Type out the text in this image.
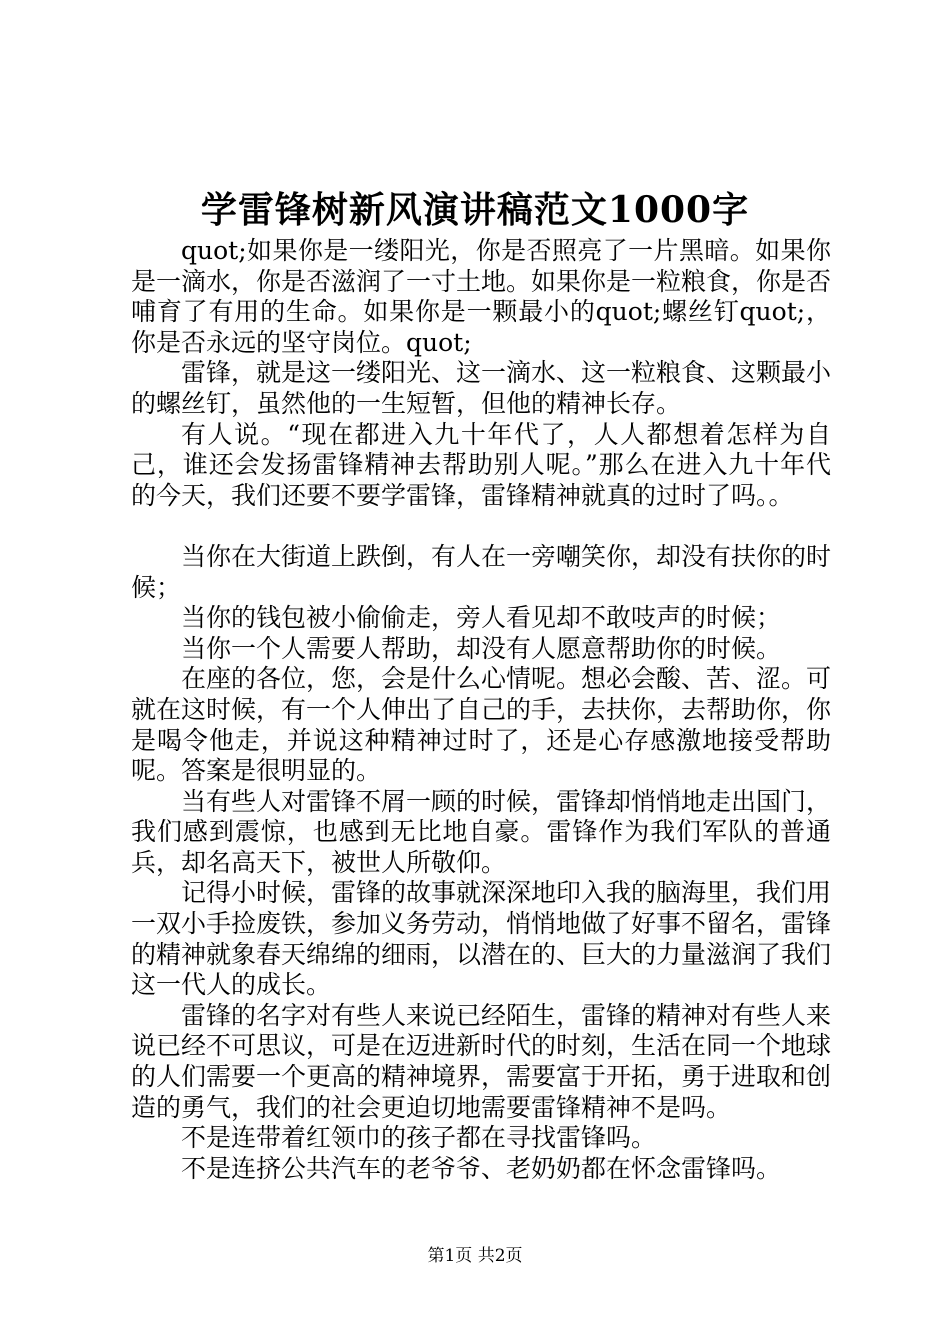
学雷锋树新风演讲稿范文1000字

quot;如果你是一缕阳光，你是否照亮了一片黑暗。如果你是一滴水，你是否滋润了一寸土地。如果你是一粒粮食，你是否哺育了有用的生命。如果你是一颗最小的quot;螺丝钉quot;，你是否永远的坚守岗位。quot;

雷锋，就是这一缕阳光、这一滴水、这一粒粮食、这颗最小的螺丝钉，虽然他的一生短暂，但他的精神长存。

有人说。“现在都进入九十年代了，人人都想着怎样为自己，谁还会发扬雷锋精神去帮助别人呢。”那么在进入九十年代的今天，我们还要不要学雷锋，雷锋精神就真的过时了吗。。

当你在大街道上跌倒，有人在一旁嘲笑你，却没有扶你的时候；

当你的钱包被小偷偷走，旁人看见却不敢吱声的时候；

当你一个人需要人帮助，却没有人愿意帮助你的时候。

在座的各位，您，会是什么心情呢。想必会酸、苦、涩。可就在这时候，有一个人伸出了自己的手，去扶你，去帮助你，你是喝令他走，并说这种精神过时了，还是心存感激地接受帮助呢。答案是很明显的。

当有些人对雷锋不屑一顾的时候，雷锋却悄悄地走出国门，我们感到震惊，也感到无比地自豪。雷锋作为我们军队的普通兵，却名高天下，被世人所敬仰。

记得小时候，雷锋的故事就深深地印入我的脑海里，我们用一双小手捡废铁，参加义务劳动，悄悄地做了好事不留名，雷锋的精神就象春天绵绵的细雨，以潜在的、巨大的力量滋润了我们这一代人的成长。

雷锋的名字对有些人来说已经陌生，雷锋的精神对有些人来说已经不可思议，可是在迈进新时代的时刻，生活在同一个地球的人们需要一个更高的精神境界，需要富于开拓，勇于进取和创造的勇气，我们的社会更迫切地需要雷锋精神不是吗。

不是连带着红领巾的孩子都在寻找雷锋吗。

不是连挤公共汽车的老爷爷、老奶奶都在怀念雷锋吗。

第1页 共2页
